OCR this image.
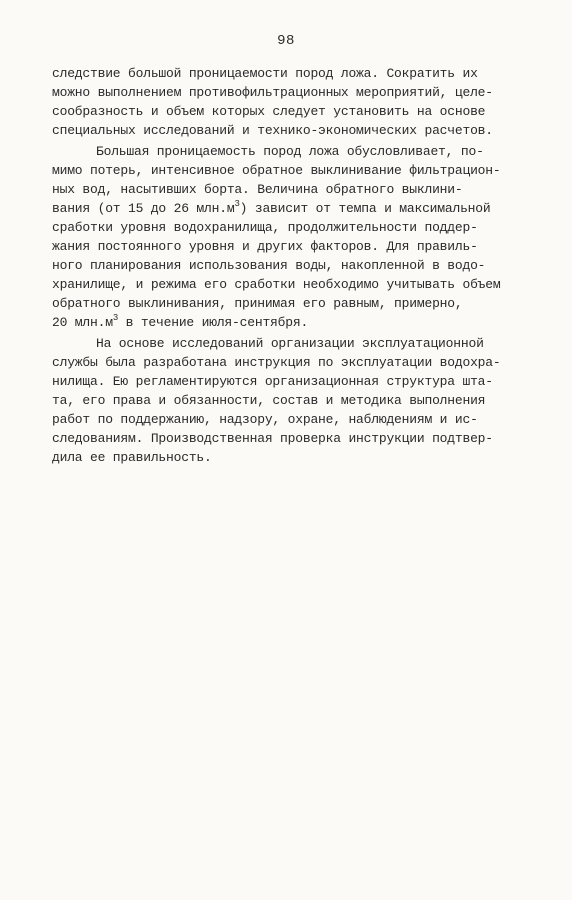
98
следствие большой проницаемости пород ложа. Сократить их
можно выполнением противофильтрационных мероприятий, целе-
сообразность и объем которых следует установить на основе
специальных исследований и технико-экономических расчетов.
Большая проницаемость пород ложа обусловливает, по-
мимо потерь, интенсивное обратное выклинивание фильтрацион-
ных вод, насытивших борта. Величина обратного выклини-
вания (от 15 до 26 $млн.м^3$) зависит от темпа и максимальной
сработки уровня водохранилища, продолжительности поддер-
жания постоянного уровня и других факторов. Для правиль-
ного планирования использования воды, накопленной в водо-
хранилище, и режима его сработки необходимо учитывать объем
обратного выклинивания, принимая его равным, примерно,
20 $млн.м^3$ в течение июля-сентября.
На основе исследований организации эксплуатационной
службы была разработана инструкция по эксплуатации водохра-
нилища. Ею регламентируются организационная структура шта-
та, его права и обязанности, состав и методика выполнения
работ по поддержанию, надзору, охране, наблюдениям и ис-
следованиям. Производственная проверка инструкции подтвер-
дила ее правильность.
